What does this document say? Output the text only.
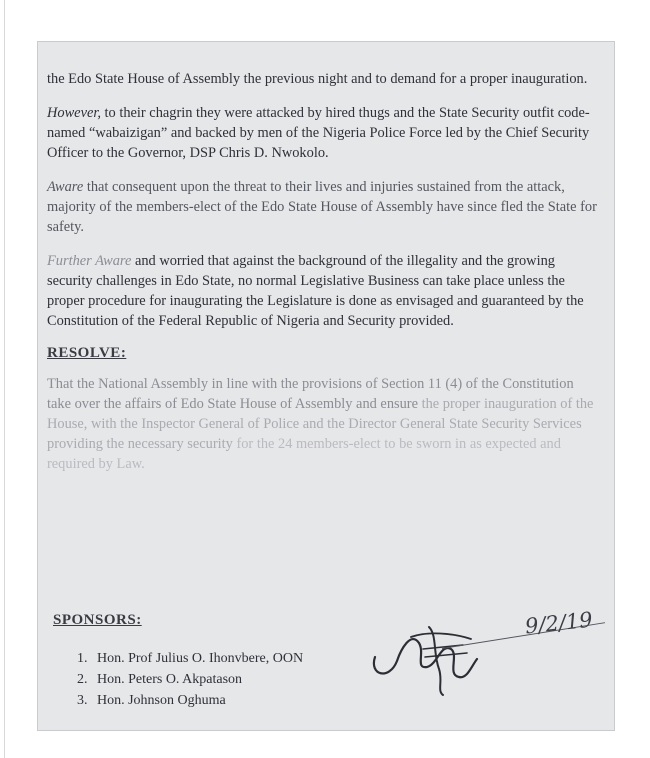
the Edo State House of Assembly the previous night and to demand for a proper inauguration.

However, to their chagrin they were attacked by hired thugs and the State Security outfit code-named “wabaizigan” and backed by men of the Nigeria Police Force led by the Chief Security Officer to the Governor, DSP Chris D. Nwokolo.

Aware that consequent upon the threat to their lives and injuries sustained from the attack, majority of the members-elect of the Edo State House of Assembly have since fled the State for safety.

Further Aware and worried that against the background of the illegality and the growing security challenges in Edo State, no normal Legislative Business can take place unless the proper procedure for inaugurating the Legislature is done as envisaged and guaranteed by the Constitution of the Federal Republic of Nigeria and Security provided.

RESOLVE:

That the National Assembly in line with the provisions of Section 11 (4) of the Constitution take over the affairs of Edo State House of Assembly and ensure the proper inauguration of the House, with the Inspector General of Police and the Director General State Security Services providing the necessary security for the 24 members-elect to be sworn in as expected and required by Law.

SPONSORS:
1. Hon. Prof Julius O. Ihonvbere, OON
2. Hon. Peters O. Akpatason
3. Hon. Johnson Oghuma
9/2/19
